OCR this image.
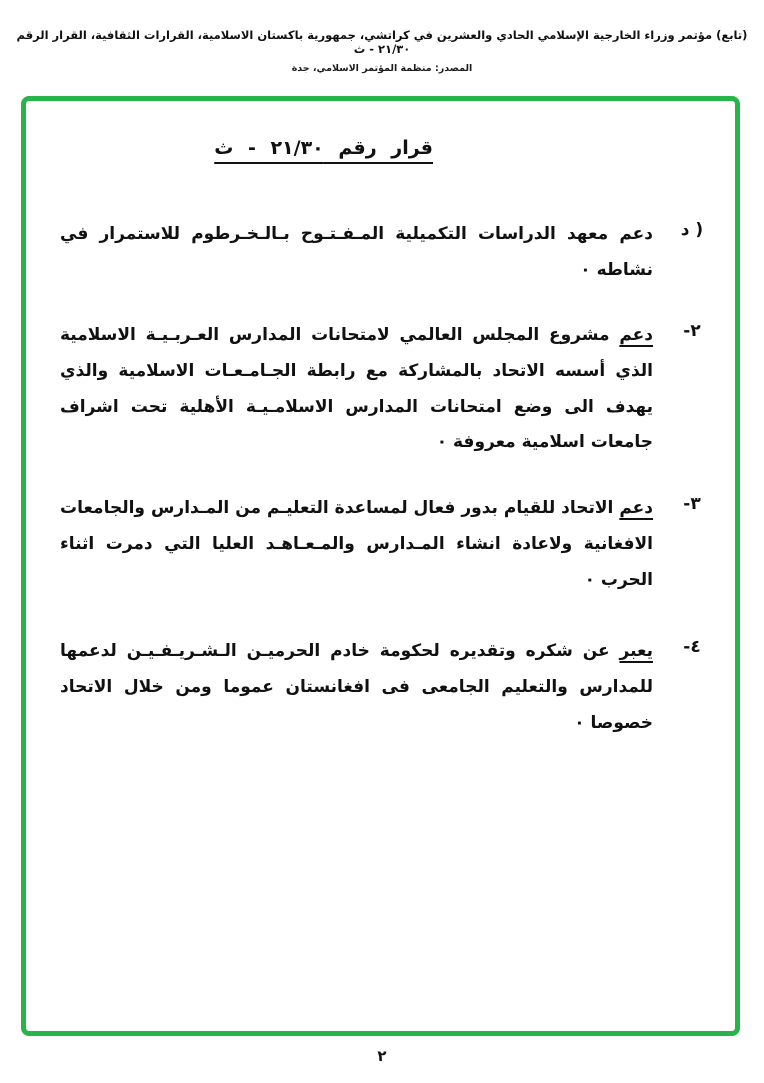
(تابع) مؤتمر وزراء الخارجية الإسلامي الحادي والعشرين في كراتشي، جمهورية باكستان الاسلامية، القرارات الثقافية، القرار الرقم ٢١/٣٠ - ث
المصدر: منظمة المؤتمر الاسلامي، جدة
قرار رقم ٢١/٣٠ - ث
د )

دعم معهد الدراسات التكميلية المـفـتـوح بـالـخـرطوم للاستمرار في نشاطه ٠

-٢

دعم مشروع المجلس العالمي لامتحانات المدارس العـربـيـة الاسلامية الذي أسسه الاتحاد بالمشاركة مع رابطة الجـامـعـات الاسلامية والذي يهدف الى وضع امتحانات المدارس الاسلامـيـة الأهلية تحت اشراف جامعات اسلامية معروفة ٠

-٣

دعم الاتحاد للقيام بدور فعال لمساعدة التعليـم من المـدارس والجامعات الافغانية ولاعادة انشاء المـدارس والمـعـاهـد العليا التي دمرت اثناء الحرب ٠

-٤

يعبر عن شكره وتقديره لحكومة خادم الحرميـن الـشـريـفـيـن لدعمها للمدارس والتعليم الجامعى فى افغانستان عموما ومن خلال الاتحاد خصوصا ٠

٢
